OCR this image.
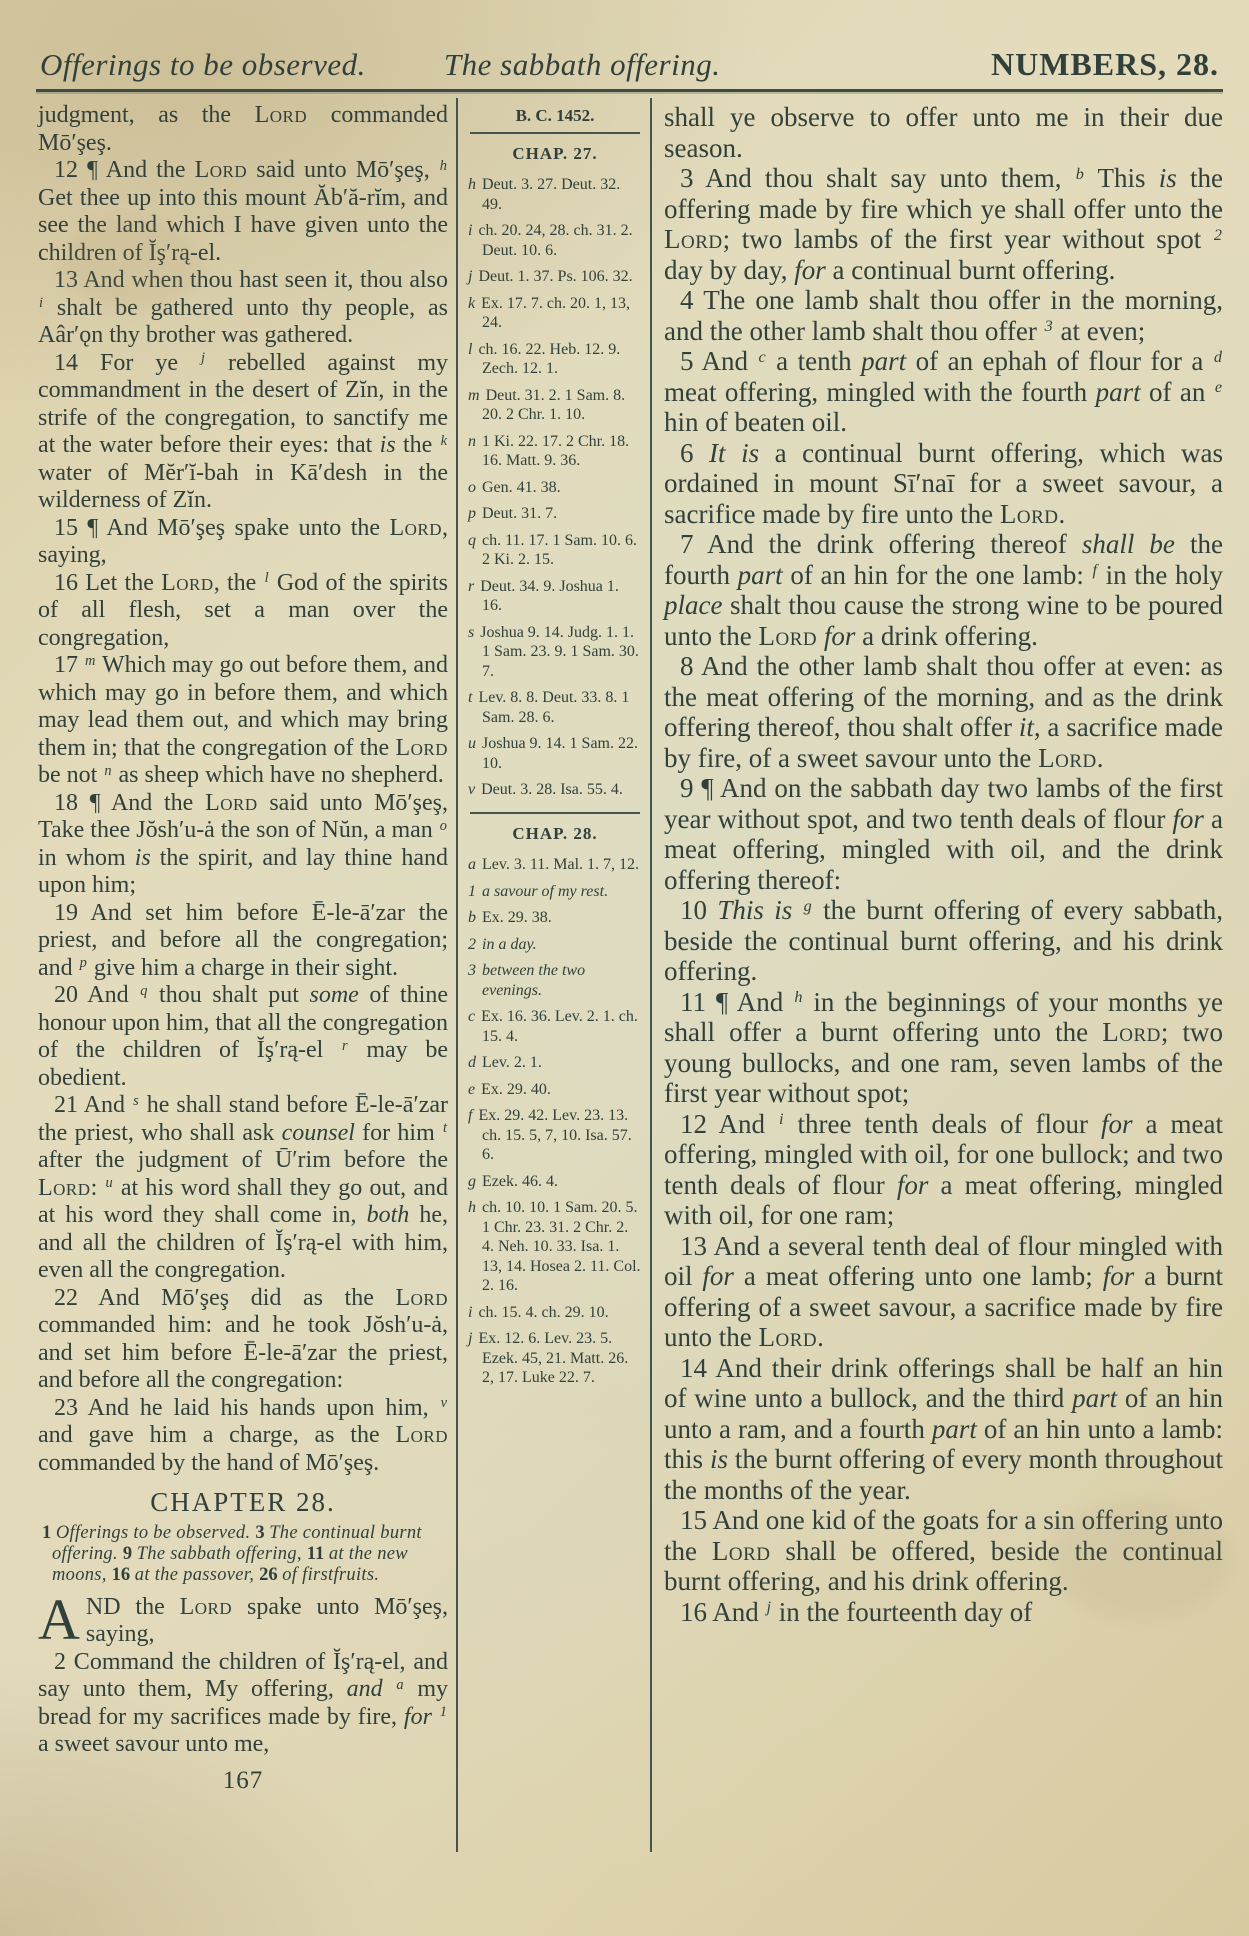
Offerings to be observed.	The sabbath offering.	NUMBERS, 28.

judgment, as the Lord commanded Mō′şeş.

12 ¶ And the Lord said unto Mō′şeş, $^h$ Get thee up into this mount Ăb′ă-rĭm, and see the land which I have given unto the children of Ĭş′rą-el.

13 And when thou hast seen it, thou also $^i$ shalt be gathered unto thy people, as Aâr′ǫn thy brother was gathered.

14 For ye $^j$ rebelled against my commandment in the desert of Zĭn, in the strife of the congregation, to sanctify me at the water before their eyes: that is the $^k$ water of Mĕr′ĭ-bah in Kā′desh in the wilderness of Zĭn.

15 ¶ And Mō′şeş spake unto the Lord, saying,

16 Let the Lord, the $^l$ God of the spirits of all flesh, set a man over the congregation,

17 $^m$ Which may go out before them, and which may go in before them, and which may lead them out, and which may bring them in; that the congregation of the Lord be not $^n$ as sheep which have no shepherd.

18 ¶ And the Lord said unto Mō′şeş, Take thee Jŏsh′u-ȧ the son of Nŭn, a man $^o$ in whom is the spirit, and lay thine hand upon him;

19 And set him before Ē-le-ā′zar the priest, and before all the congregation; and $^p$ give him a charge in their sight.

20 And $^q$ thou shalt put some of thine honour upon him, that all the congregation of the children of Ĭş′rą-el $^r$ may be obedient.

21 And $^s$ he shall stand before Ē-le-ā′zar the priest, who shall ask counsel for him $^t$ after the judgment of Ū′rim before the Lord: $^u$ at his word shall they go out, and at his word they shall come in, both he, and all the children of Ĭş′rą-el with him, even all the congregation.

22 And Mō′şeş did as the Lord commanded him: and he took Jŏsh′u-ȧ, and set him before Ē-le-ā′zar the priest, and before all the congregation:

23 And he laid his hands upon him, $^v$ and gave him a charge, as the Lord commanded by the hand of Mō′şeş.

CHAPTER 28.

1 Offerings to be observed. 3 The continual burnt offering. 9 The sabbath offering, 11 at the new moons, 16 at the passover, 26 of firstfruits.

AND the Lord spake unto Mō′şeş, saying,

2 Command the children of Ĭş′rą-el, and say unto them, My offering, and $^a$ my bread for my sacrifices made by fire, for $^1$ a sweet savour unto me,

167
B. C. 1452.
CHAP. 27.

h Deut. 3. 27. Deut. 32. 49.

i ch. 20. 24, 28. ch. 31. 2. Deut. 10. 6.

j Deut. 1. 37. Ps. 106. 32.

k Ex. 17. 7. ch. 20. 1, 13, 24.

l ch. 16. 22. Heb. 12. 9. Zech. 12. 1.

m Deut. 31. 2. 1 Sam. 8. 20. 2 Chr. 1. 10.

n 1 Ki. 22. 17. 2 Chr. 18. 16. Matt. 9. 36.

o Gen. 41. 38.

p Deut. 31. 7.

q ch. 11. 17. 1 Sam. 10. 6. 2 Ki. 2. 15.

r Deut. 34. 9. Joshua 1. 16.

s Joshua 9. 14. Judg. 1. 1. 1 Sam. 23. 9. 1 Sam. 30. 7.

t Lev. 8. 8. Deut. 33. 8. 1 Sam. 28. 6.

u Joshua 9. 14. 1 Sam. 22. 10.

v Deut. 3. 28. Isa. 55. 4.

CHAP. 28.

a Lev. 3. 11. Mal. 1. 7, 12.

1 a savour of my rest.

b Ex. 29. 38.

2 in a day.

3 between the two evenings.

c Ex. 16. 36. Lev. 2. 1. ch. 15. 4.

d Lev. 2. 1.

e Ex. 29. 40.

f Ex. 29. 42. Lev. 23. 13. ch. 15. 5, 7, 10. Isa. 57. 6.

g Ezek. 46. 4.

h ch. 10. 10. 1 Sam. 20. 5. 1 Chr. 23. 31. 2 Chr. 2. 4. Neh. 10. 33. Isa. 1. 13, 14. Hosea 2. 11. Col. 2. 16.

i ch. 15. 4. ch. 29. 10.

j Ex. 12. 6. Lev. 23. 5. Ezek. 45, 21. Matt. 26. 2, 17. Luke 22. 7.

shall ye observe to offer unto me in their due season.

3 And thou shalt say unto them, $^b$ This is the offering made by fire which ye shall offer unto the Lord; two lambs of the first year without spot $^2$ day by day, for a continual burnt offering.

4 The one lamb shalt thou offer in the morning, and the other lamb shalt thou offer $^3$ at even;

5 And $^c$ a tenth part of an ephah of flour for a $^d$ meat offering, mingled with the fourth part of an $^e$ hin of beaten oil.

6 It is a continual burnt offering, which was ordained in mount Sī′naī for a sweet savour, a sacrifice made by fire unto the Lord.

7 And the drink offering thereof shall be the fourth part of an hin for the one lamb: $^f$ in the holy place shalt thou cause the strong wine to be poured unto the Lord for a drink offering.

8 And the other lamb shalt thou offer at even: as the meat offering of the morning, and as the drink offering thereof, thou shalt offer it, a sacrifice made by fire, of a sweet savour unto the Lord.

9 ¶ And on the sabbath day two lambs of the first year without spot, and two tenth deals of flour for a meat offering, mingled with oil, and the drink offering thereof:

10 This is $^g$ the burnt offering of every sabbath, beside the continual burnt offering, and his drink offering.

11 ¶ And $^h$ in the beginnings of your months ye shall offer a burnt offering unto the Lord; two young bullocks, and one ram, seven lambs of the first year without spot;

12 And $^i$ three tenth deals of flour for a meat offering, mingled with oil, for one bullock; and two tenth deals of flour for a meat offering, mingled with oil, for one ram;

13 And a several tenth deal of flour mingled with oil for a meat offering unto one lamb; for a burnt offering of a sweet savour, a sacrifice made by fire unto the Lord.

14 And their drink offerings shall be half an hin of wine unto a bullock, and the third part of an hin unto a ram, and a fourth part of an hin unto a lamb: this is the burnt offering of every month throughout the months of the year.

15 And one kid of the goats for a sin offering unto the Lord shall be offered, beside the continual burnt offering, and his drink offering.

16 And $^j$ in the fourteenth day of
